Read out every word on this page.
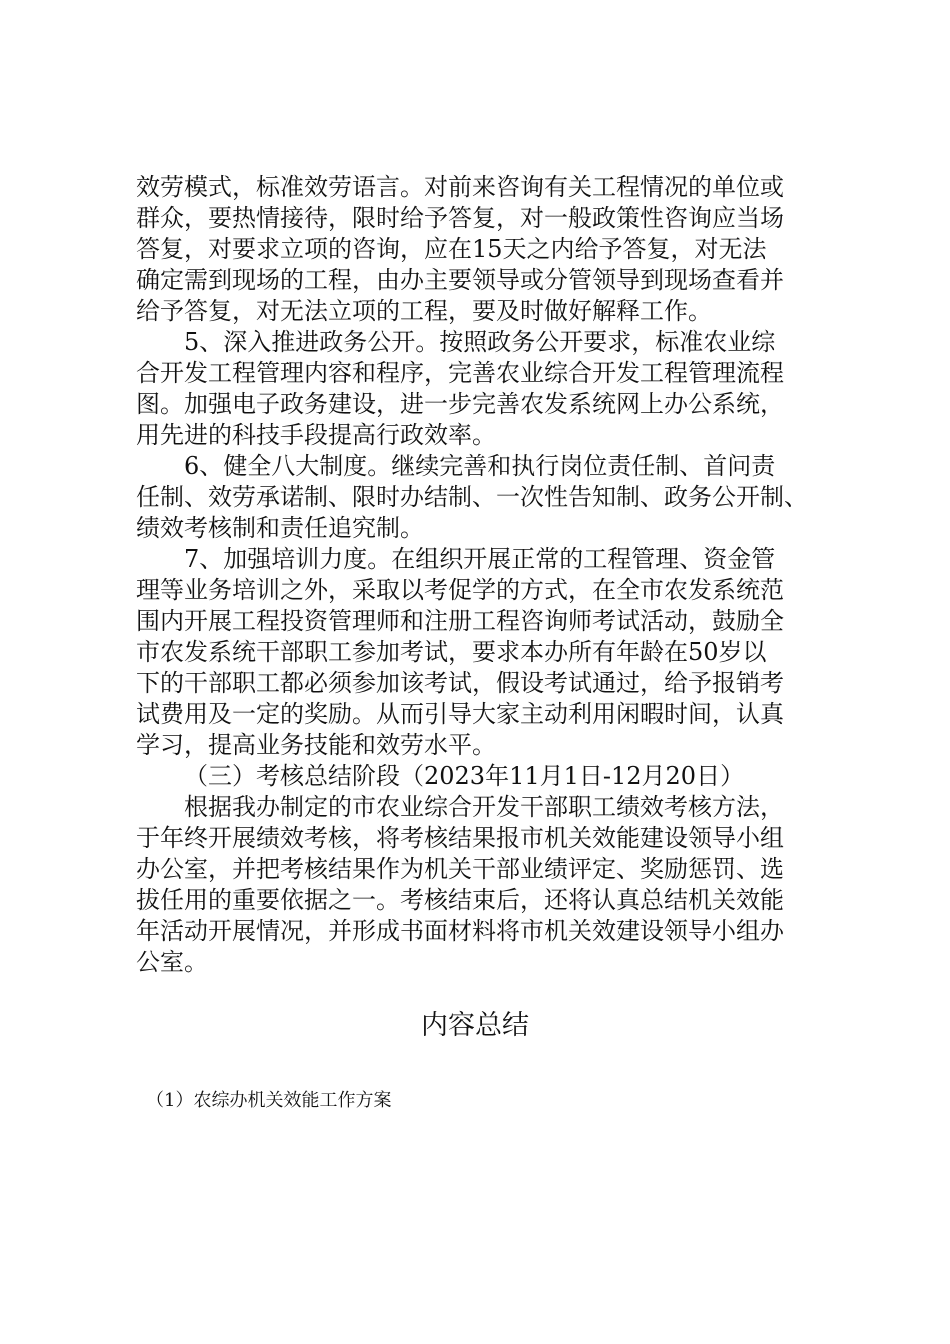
效劳模式，标准效劳语言。对前来咨询有关工程情况的单位或
群众，要热情接待，限时给予答复，对一般政策性咨询应当场
答复，对要求立项的咨询，应在15天之内给予答复，对无法
确定需到现场的工程，由办主要领导或分管领导到现场查看并
给予答复，对无法立项的工程，要及时做好解释工作。
5、深入推进政务公开。按照政务公开要求，标准农业综
合开发工程管理内容和程序，完善农业综合开发工程管理流程
图。加强电子政务建设，进一步完善农发系统网上办公系统，
用先进的科技手段提高行政效率。
6、健全八大制度。继续完善和执行岗位责任制、首问责
任制、效劳承诺制、限时办结制、一次性告知制、政务公开制、
绩效考核制和责任追究制。
7、加强培训力度。在组织开展正常的工程管理、资金管
理等业务培训之外，采取以考促学的方式，在全市农发系统范
围内开展工程投资管理师和注册工程咨询师考试活动，鼓励全
市农发系统干部职工参加考试，要求本办所有年龄在50岁以
下的干部职工都必须参加该考试，假设考试通过，给予报销考
试费用及一定的奖励。从而引导大家主动利用闲暇时间，认真
学习，提高业务技能和效劳水平。
（三）考核总结阶段（2023年11月1日-12月20日）
根据我办制定的市农业综合开发干部职工绩效考核方法，
于年终开展绩效考核，将考核结果报市机关效能建设领导小组
办公室，并把考核结果作为机关干部业绩评定、奖励惩罚、选
拔任用的重要依据之一。考核结束后，还将认真总结机关效能
年活动开展情况，并形成书面材料将市机关效建设领导小组办
公室。
内容总结
（1）农综办机关效能工作方案
